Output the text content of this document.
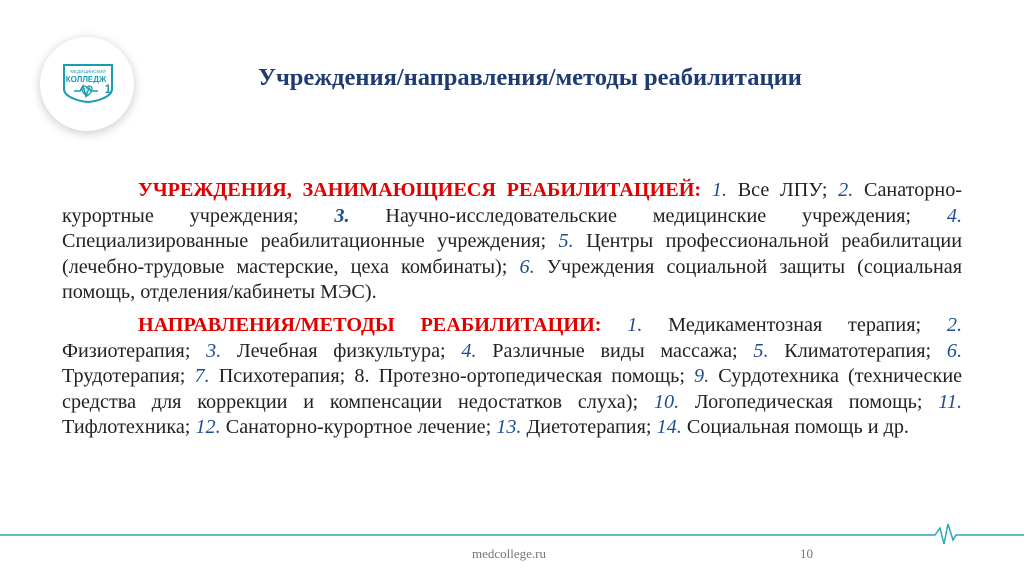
МЕДИЦИНСКИЙ
КОЛЛЕДЖ
1	Учреждения/направления/методы реабилитации

УЧРЕЖДЕНИЯ, ЗАНИМАЮЩИЕСЯ РЕАБИЛИТАЦИЕЙ: 1. Все ЛПУ; 2. Санаторно-курортные учреждения; 3. Научно-исследовательские медицинские учреждения; 4. Специализированные реабилитационные учреждения; 5. Центры профессиональной реабилитации (лечебно-трудовые мастерские, цеха комбинаты); 6. Учреждения социальной защиты (социальная помощь, отделения/кабинеты МЭС).

НАПРАВЛЕНИЯ/МЕТОДЫ РЕАБИЛИТАЦИИ: 1. Медикаментозная терапия; 2. Физиотерапия; 3. Лечебная физкультура; 4. Различные виды массажа; 5. Климатотерапия; 6. Трудотерапия; 7. Психотерапия; 8. Протезно-ортопедическая помощь; 9. Сурдотехника (технические средства для коррекции и компенсации недостатков слуха); 10. Логопедическая помощь; 11. Тифлотехника; 12. Санаторно-курортное лечение; 13. Диетотерапия; 14. Социальная помощь и др.

medcollege.ru	10
